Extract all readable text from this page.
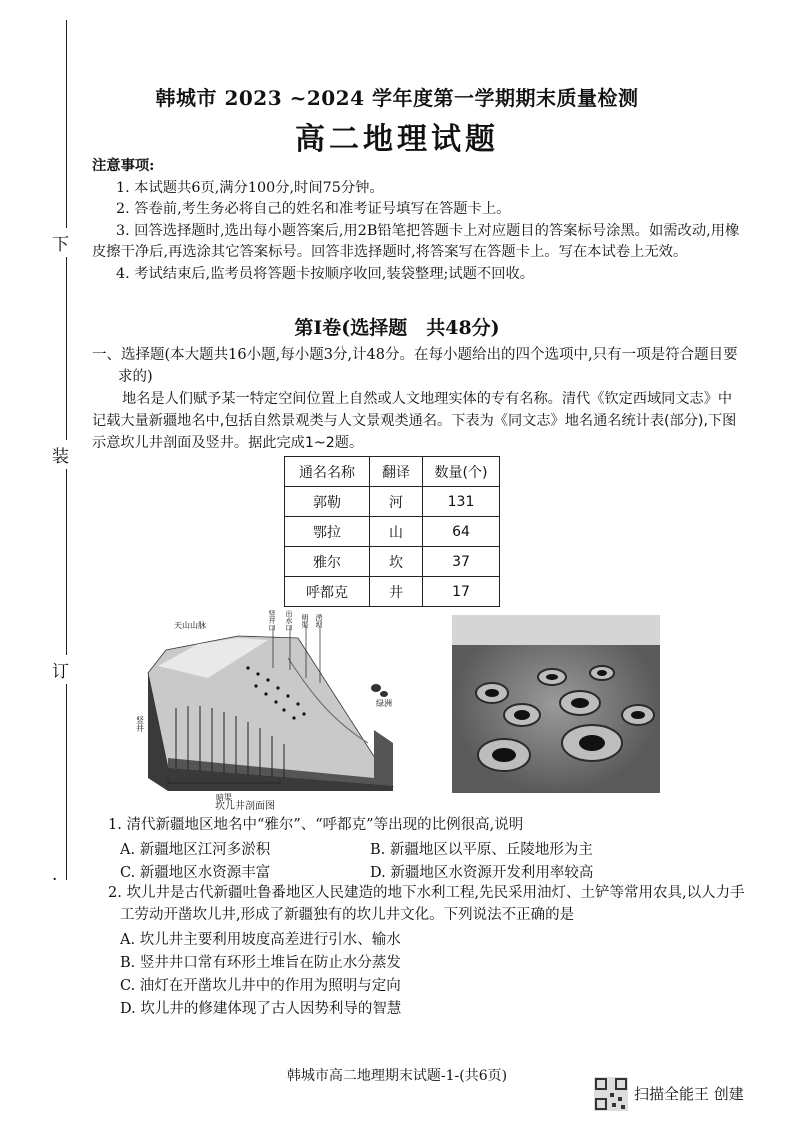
下
装
订
·
韩城市 2023 ~2024 学年度第一学期期末质量检测
高二地理试题
注意事项:
1. 本试题共6页,满分100分,时间75分钟。
2. 答卷前,考生务必将自己的姓名和准考证号填写在答题卡上。
3. 回答选择题时,选出每小题答案后,用2B铅笔把答题卡上对应题目的答案标号涂黑。如需改动,用橡皮擦干净后,再选涂其它答案标号。回答非选择题时,将答案写在答题卡上。写在本试卷上无效。
4. 考试结束后,监考员将答题卡按顺序收回,装袋整理;试题不回收。
第Ⅰ卷(选择题　共48分)
一、选择题(本大题共16小题,每小题3分,计48分。在每小题给出的四个选项中,只有一项是符合题目要求的)
地名是人们赋予某一特定空间位置上自然或人文地理实体的专有名称。清代《钦定西域同文志》中记载大量新疆地名中,包括自然景观类与人文景观类通名。下表为《同文志》地名通名统计表(部分),下图示意坎儿井剖面及竖井。据此完成1~2题。
通名名称	翻译	数量(个)
郭勒	河	131
鄂拉	山	64
雅尔	坎	37
呼都克	井	17
天山山脉	竖井口 出水口 明渠 涝坝
绿洲
竖井
暗渠
坎儿井剖面图
1. 清代新疆地区地名中“雅尔”、“呼都克”等出现的比例很高,说明
A. 新疆地区江河多淤积	B. 新疆地区以平原、丘陵地形为主
C. 新疆地区水资源丰富	D. 新疆地区水资源开发利用率较高
2. 坎儿井是古代新疆吐鲁番地区人民建造的地下水利工程,先民采用油灯、土铲等常用农具,以人力手工劳动开凿坎儿井,形成了新疆独有的坎儿井文化。下列说法不正确的是
A. 坎儿井主要利用坡度高差进行引水、输水
B. 竖井井口常有环形土堆旨在防止水分蒸发
C. 油灯在开凿坎儿井中的作用为照明与定向
D. 坎儿井的修建体现了古人因势利导的智慧
韩城市高二地理期末试题-1-(共6页)
扫描全能王 创建
